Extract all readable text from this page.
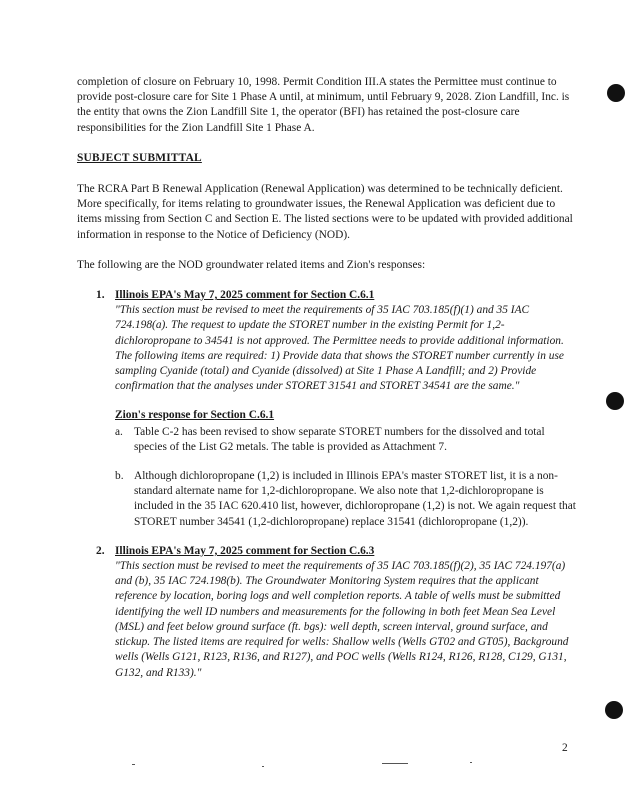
completion of closure on February 10, 1998. Permit Condition III.A states the Permittee must continue to provide post-closure care for Site 1 Phase A until, at minimum, until February 9, 2028. Zion Landfill, Inc. is the entity that owns the Zion Landfill Site 1, the operator (BFI) has retained the post-closure care responsibilities for the Zion Landfill Site 1 Phase A.

SUBJECT SUBMITTAL

The RCRA Part B Renewal Application (Renewal Application) was determined to be technically deficient. More specifically, for items relating to groundwater issues, the Renewal Application was deficient due to items missing from Section C and Section E. The listed sections were to be updated with provided additional information in response to the Notice of Deficiency (NOD).

The following are the NOD groundwater related items and Zion's responses:

1. Illinois EPA's May 7, 2025 comment for Section C.6.1

"This section must be revised to meet the requirements of 35 IAC 703.185(f)(1) and 35 IAC 724.198(a). The request to update the STORET number in the existing Permit for 1,2-dichloropropane to 34541 is not approved. The Permittee needs to provide additional information. The following items are required: 1) Provide data that shows the STORET number currently in use sampling Cyanide (total) and Cyanide (dissolved) at Site 1 Phase A Landfill; and 2) Provide confirmation that the analyses under STORET 31541 and STORET 34541 are the same."

Zion's response for Section C.6.1

a. Table C-2 has been revised to show separate STORET numbers for the dissolved and total species of the List G2 metals. The table is provided as Attachment 7.

b. Although dichloropropane (1,2) is included in Illinois EPA's master STORET list, it is a non-standard alternate name for 1,2-dichloropropane. We also note that 1,2-dichloropropane is included in the 35 IAC 620.410 list, however, dichloropropane (1,2) is not. We again request that STORET number 34541 (1,2-dichloropropane) replace 31541 (dichloropropane (1,2)).

2. Illinois EPA's May 7, 2025 comment for Section C.6.3

"This section must be revised to meet the requirements of 35 IAC 703.185(f)(2), 35 IAC 724.197(a) and (b), 35 IAC 724.198(b). The Groundwater Monitoring System requires that the applicant reference by location, boring logs and well completion reports. A table of wells must be submitted identifying the well ID numbers and measurements for the following in both feet Mean Sea Level (MSL) and feet below ground surface (ft. bgs): well depth, screen interval, ground surface, and stickup. The listed items are required for wells: Shallow wells (Wells GT02 and GT05), Background wells (Wells G121, R123, R136, and R127), and POC wells (Wells R124, R126, R128, C129, G131, G132, and R133)."

2
